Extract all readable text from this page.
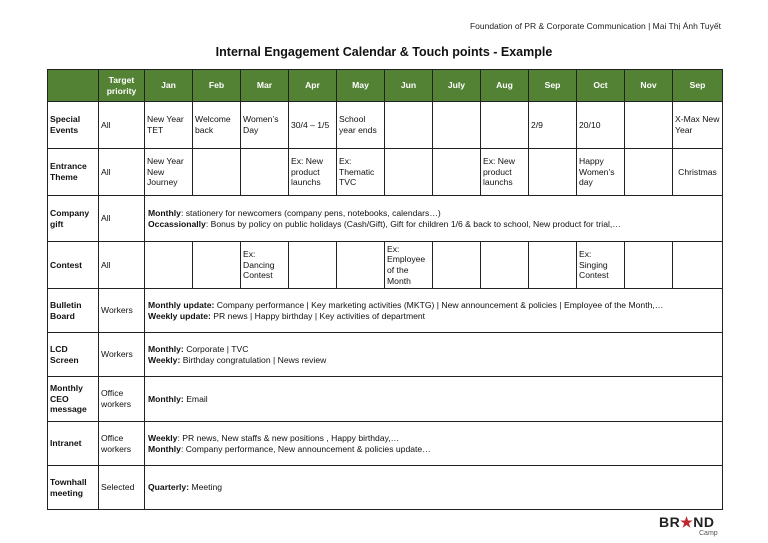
Foundation of PR & Corporate Communication | Mai Thị Ánh Tuyết
Internal Engagement Calendar & Touch points - Example
	Target priority	Jan	Feb	Mar	Apr	May	Jun	July	Aug	Sep	Oct	Nov	Sep
Special Events	All	New Year TET	Welcome back	Women’s Day	30/4 – 1/5	School year ends				2/9	20/10		X-Max New Year
Entrance Theme	All	New Year New Journey			Ex: New product launchs	Ex: Thematic TVC			Ex: New product launchs		Happy Women’s day		Christmas
Company gift	All	Monthly: stationery for newcomers (company pens, notebooks, calendars…)
Occassionally: Bonus by policy on public holidays (Cash/Gift), Gift for children 1/6 & back to school, New product for trial,…											

Contest	All			Ex: Dancing Contest			Ex: Employee of the Month				Ex: Singing Contest		
Bulletin Board	Workers	Monthly update: Company performance | Key marketing activities (MKTG) | New announcement & policies | Employee of the Month,…
Weekly update: PR news | Happy birthday | Key activities of department											

LCD Screen	Workers	Monthly: Corporate | TVC
Weekly: Birthday congratulation | News review											

Monthly CEO message	Office workers	Monthly: Email											

Intranet	Office workers	Weekly: PR news, New staffs & new positions , Happy birthday,…
Monthly: Company performance, New announcement & policies update…											

Townhall meeting	Selected	Quarterly: Meeting											
BR★ND
Camp
